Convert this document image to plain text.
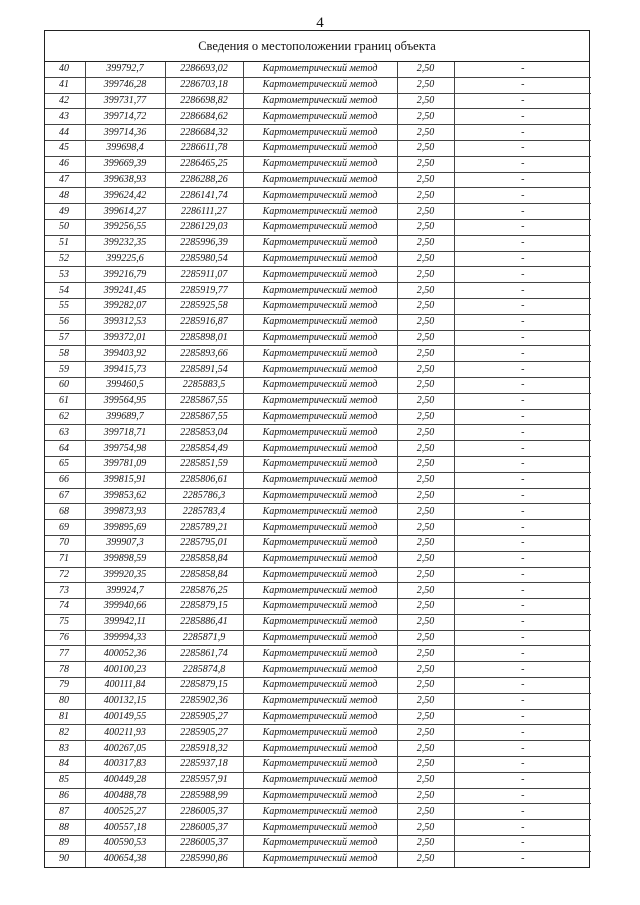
4
Сведения о местоположении границ объекта
40	399792,7	2286693,02	Картометрический метод	2,50	-
41	399746,28	2286703,18	Картометрический метод	2,50	-
42	399731,77	2286698,82	Картометрический метод	2,50	-
43	399714,72	2286684,62	Картометрический метод	2,50	-
44	399714,36	2286684,32	Картометрический метод	2,50	-
45	399698,4	2286611,78	Картометрический метод	2,50	-
46	399669,39	2286465,25	Картометрический метод	2,50	-
47	399638,93	2286288,26	Картометрический метод	2,50	-
48	399624,42	2286141,74	Картометрический метод	2,50	-
49	399614,27	2286111,27	Картометрический метод	2,50	-
50	399256,55	2286129,03	Картометрический метод	2,50	-
51	399232,35	2285996,39	Картометрический метод	2,50	-
52	399225,6	2285980,54	Картометрический метод	2,50	-
53	399216,79	2285911,07	Картометрический метод	2,50	-
54	399241,45	2285919,77	Картометрический метод	2,50	-
55	399282,07	2285925,58	Картометрический метод	2,50	-
56	399312,53	2285916,87	Картометрический метод	2,50	-
57	399372,01	2285898,01	Картометрический метод	2,50	-
58	399403,92	2285893,66	Картометрический метод	2,50	-
59	399415,73	2285891,54	Картометрический метод	2,50	-
60	399460,5	2285883,5	Картометрический метод	2,50	-
61	399564,95	2285867,55	Картометрический метод	2,50	-
62	399689,7	2285867,55	Картометрический метод	2,50	-
63	399718,71	2285853,04	Картометрический метод	2,50	-
64	399754,98	2285854,49	Картометрический метод	2,50	-
65	399781,09	2285851,59	Картометрический метод	2,50	-
66	399815,91	2285806,61	Картометрический метод	2,50	-
67	399853,62	2285786,3	Картометрический метод	2,50	-
68	399873,93	2285783,4	Картометрический метод	2,50	-
69	399895,69	2285789,21	Картометрический метод	2,50	-
70	399907,3	2285795,01	Картометрический метод	2,50	-
71	399898,59	2285858,84	Картометрический метод	2,50	-
72	399920,35	2285858,84	Картометрический метод	2,50	-
73	399924,7	2285876,25	Картометрический метод	2,50	-
74	399940,66	2285879,15	Картометрический метод	2,50	-
75	399942,11	2285886,41	Картометрический метод	2,50	-
76	399994,33	2285871,9	Картометрический метод	2,50	-
77	400052,36	2285861,74	Картометрический метод	2,50	-
78	400100,23	2285874,8	Картометрический метод	2,50	-
79	400111,84	2285879,15	Картометрический метод	2,50	-
80	400132,15	2285902,36	Картометрический метод	2,50	-
81	400149,55	2285905,27	Картометрический метод	2,50	-
82	400211,93	2285905,27	Картометрический метод	2,50	-
83	400267,05	2285918,32	Картометрический метод	2,50	-
84	400317,83	2285937,18	Картометрический метод	2,50	-
85	400449,28	2285957,91	Картометрический метод	2,50	-
86	400488,78	2285988,99	Картометрический метод	2,50	-
87	400525,27	2286005,37	Картометрический метод	2,50	-
88	400557,18	2286005,37	Картометрический метод	2,50	-
89	400590,53	2286005,37	Картометрический метод	2,50	-
90	400654,38	2285990,86	Картометрический метод	2,50	-
